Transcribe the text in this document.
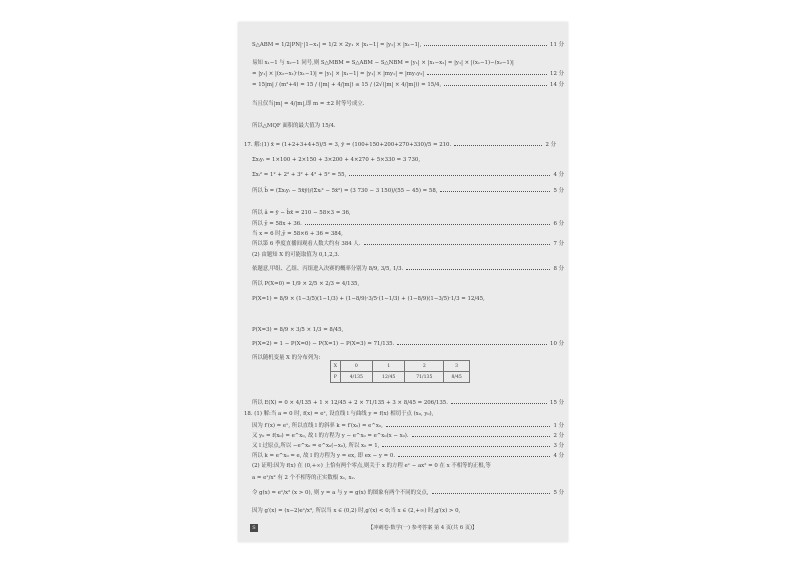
S△ABM = 1/2|PN|·|1−x₁| = 1/2 × 2y₁ × |x₁−1| = |y₁| × |x₁−1|,	11 分
易知 x₁−1 与 x₂−1 同号,则 S△MBM = S△ABM − S△NBM = |y₁| × |x₁−x₂| = |y₁| × |(x₁−1)−(x₂−1)|
= |y₁| × |(x₂−x₁)·(x₁−1)| = |y₁| × |x₁−1| = |y₁| × |my₁| = |my₁y₂|	12 分
= 15|m| / (m²+4) = 15 / (|m| + 4/|m|) ≤ 15 / (2√(|m| × 4/|m|)) = 15/4,	14 分
当且仅当|m| = 4/|m|,即 m = ±2 时等号成立.
所以△MQF 面积的最大值为 15/4.
17. 解:(1) x̄ = (1+2+3+4+5)/5 = 3, ȳ = (100+150+200+270+330)/5 = 210.	2 分
Σxᵢyᵢ = 1×100 + 2×150 + 3×200 + 4×270 + 5×330 = 3 730,
Σxᵢ² = 1² + 2² + 3² + 4² + 5² = 55,	4 分
所以 b̂ = (Σxᵢyᵢ − 5x̄ȳ)/(Σxᵢ² − 5x̄²) = (3 730 − 3 150)/(55 − 45) = 58,	5 分
所以 â = ȳ − b̂x̄ = 210 − 58×3 = 36,
所以 ŷ = 58x + 36.	6 分
当 x = 6 时,ŷ = 58×6 + 36 = 384,
所以第 6 季度直播间观看人数大约有 384 人.	7 分
(2) 由题知 X 的可能取值为 0,1,2,3.
依题意,甲组、乙组、丙组进入决赛的概率分别为 8/9, 3/5, 1/3.	8 分
所以 P(X=0) = 1/9 × 2/5 × 2/3 = 4/135,
P(X=1) = 8/9 × (1−3/5)(1−1/3) + (1−8/9)·3/5·(1−1/3) + (1−8/9)(1−3/5)·1/3 = 12/45,
P(X=3) = 8/9 × 3/5 × 1/3 = 8/45,
P(X=2) = 1 − P(X=0) − P(X=1) − P(X=3) = 71/135.	10 分
所以随机变量 X 的分布列为:
所以 E(X) = 0 × 4/135 + 1 × 12/45 + 2 × 71/135 + 3 × 8/45 = 206/135.	15 分
18. (1) 解:当 a = 0 时, f(x) = eˣ, 设直线 l 与曲线 y = f(x) 相切于点 (x₀, y₀),
因为 f′(x) = eˣ, 所以直线 l 的斜率 k = f′(x₀) = e^x₀,	1 分
又 y₀ = f(x₀) = e^x₀, 故 l 的方程为 y − e^x₀ = e^x₀(x − x₀).	2 分
又 l 过原点,所以 −e^x₀ = e^x₀(−x₀), 所以 x₀ = 1,	3 分
所以 k = e^x₀ = e, 故 l 的方程为 y = ex, 即 ex − y = 0.	4 分
(2) 证明:因为 f(x) 在 (0,+∞) 上恰有两个零点,则关于 x 的方程 eˣ − ax² = 0 在 x 不相等的正根,等
a = eˣ/x² 有 2 个不相等的正实数根 x₁, x₂.
令 g(x) = eˣ/x² (x > 0), 则 y = a 与 y = g(x) 的图象有两个不同的交点,	5 分
因为 g′(x) = (x−2)eˣ/x³, 所以当 x ∈ (0,2) 时,g′(x) < 0;当 x ∈ (2,+∞) 时,g′(x) > 0,
X	0	1	2	3
P	4/135	12/45	71/135	8/45
S	【冲刺卷·数学(一) 参考答案 第 4 页(共 6 页)】
